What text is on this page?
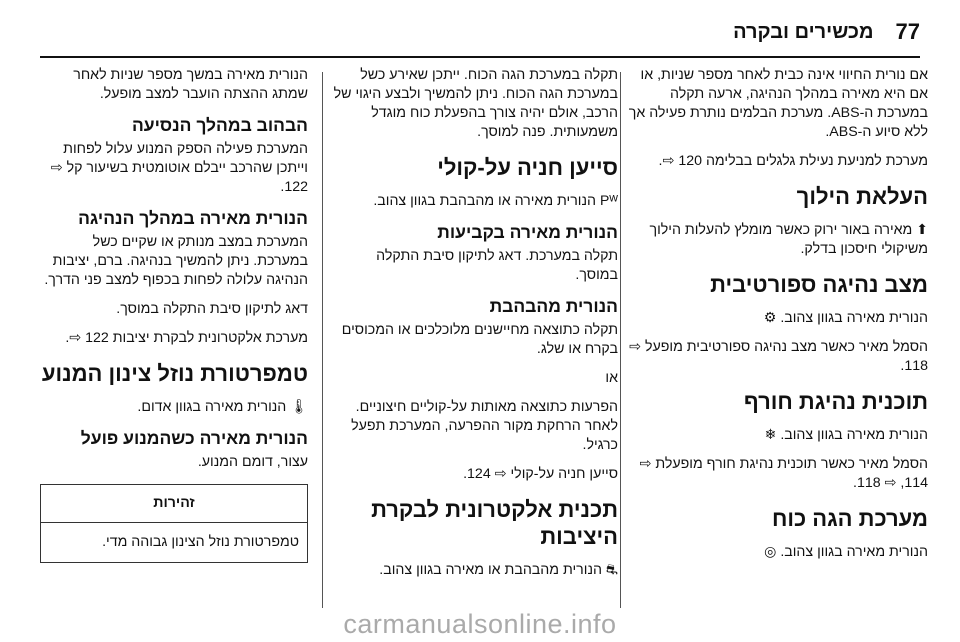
77
מכשירים ובקרה

אם נורית החיווי אינה כבית לאחר מספר שניות, או אם היא מאירה במהלך הנהיגה, ארעה תקלה במערכת ה-ABS. מערכת הבלמים נותרת פעילה אך ללא סיוע ה-ABS.

מערכת למניעת נעילת גלגלים בבלימה 120 ⇨.

העלאת הילוך

⬆ מאירה באור ירוק כאשר מומלץ להעלות הילוך משיקולי חיסכון בדלק.

מצב נהיגה ספורטיבית

הנורית מאירה בגוון צהוב. ⚙

הסמל מאיר כאשר מצב נהיגה ספורטיבית מופעל ⇨ 118.

תוכנית נהיגת חורף

הנורית מאירה בגוון צהוב. ❄

הסמל מאיר כאשר תוכנית נהיגת חורף מופעלת ⇨ 114, ⇨ 118.

מערכת הגה כוח

הנורית מאירה בגוון צהוב. ◎

תקלה במערכת הגה הכוח. ייתכן שאירע כשל במערכת הגה הכוח. ניתן להמשיך ולבצע היגוי של הרכב, אולם יהיה צורך בהפעלת כוח מוגדל משמעותית. פנה למוסך.

סייען חניה על-קולי

Pᵂ הנורית מאירה או מהבהבת בגוון צהוב.

הנורית מאירה בקביעות

תקלה במערכת. דאג לתיקון סיבת התקלה במוסך.

הנורית מהבהבת

תקלה כתוצאה מחיישנים מלוכלכים או המכוסים בקרח או שלג.

או

הפרעות כתוצאה מאותות על-קוליים חיצוניים. לאחר הרחקת מקור ההפרעה, המערכת תפעל כרגיל.

סייען חניה על-קולי ⇨ 124.

תכנית אלקטרונית לבקרת היציבות

⛐ הנורית מהבהבת או מאירה בגוון צהוב.

הנורית מאירה במשך מספר שניות לאחר שמתג ההצתה הועבר למצב מופעל.

הבהוב במהלך הנסיעה

המערכת פעילה הספק המנוע עלול לפחות וייתכן שהרכב ייבלם אוטומטית בשיעור קל ⇨ 122.

הנורית מאירה במהלך הנהיגה

המערכת במצב מנותק או שקיים כשל במערכת. ניתן להמשיך בנהיגה. ברם, יציבות הנהיגה עלולה לפחות בכפוף למצב פני הדרך.

דאג לתיקון סיבת התקלה במוסך.

מערכת אלקטרונית לבקרת יציבות 122 ⇨.

טמפרטורת נוזל צינון המנוע

🌡 הנורית מאירה בגוון אדום.

הנורית מאירה כשהמנוע פועל

עצור, דומם המנוע.

זהירות
טמפרטורת נוזל הצינון גבוהה מדי.
carmanualsonline.info
